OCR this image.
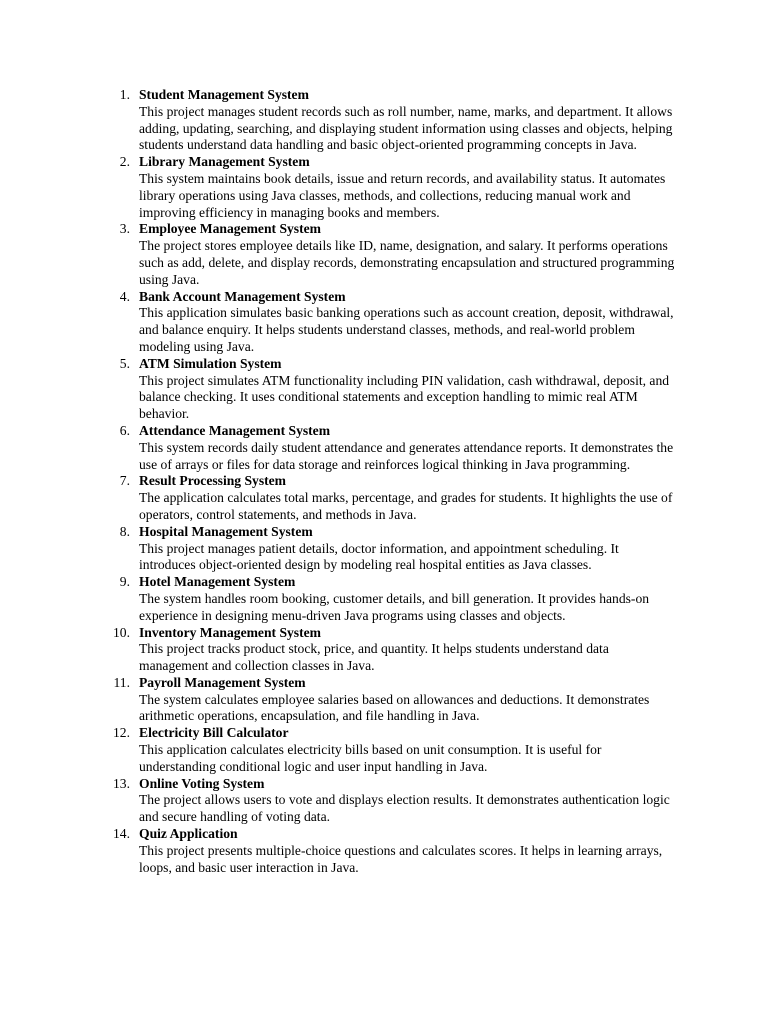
1. Student Management System
This project manages student records such as roll number, name, marks, and department. It allows adding, updating, searching, and displaying student information using classes and objects, helping students understand data handling and basic object-oriented programming concepts in Java.
2. Library Management System
This system maintains book details, issue and return records, and availability status. It automates library operations using Java classes, methods, and collections, reducing manual work and improving efficiency in managing books and members.
3. Employee Management System
The project stores employee details like ID, name, designation, and salary. It performs operations such as add, delete, and display records, demonstrating encapsulation and structured programming using Java.
4. Bank Account Management System
This application simulates basic banking operations such as account creation, deposit, withdrawal, and balance enquiry. It helps students understand classes, methods, and real-world problem modeling using Java.
5. ATM Simulation System
This project simulates ATM functionality including PIN validation, cash withdrawal, deposit, and balance checking. It uses conditional statements and exception handling to mimic real ATM behavior.
6. Attendance Management System
This system records daily student attendance and generates attendance reports. It demonstrates the use of arrays or files for data storage and reinforces logical thinking in Java programming.
7. Result Processing System
The application calculates total marks, percentage, and grades for students. It highlights the use of operators, control statements, and methods in Java.
8. Hospital Management System
This project manages patient details, doctor information, and appointment scheduling. It introduces object-oriented design by modeling real hospital entities as Java classes.
9. Hotel Management System
The system handles room booking, customer details, and bill generation. It provides hands-on experience in designing menu-driven Java programs using classes and objects.
10. Inventory Management System
This project tracks product stock, price, and quantity. It helps students understand data management and collection classes in Java.
11. Payroll Management System
The system calculates employee salaries based on allowances and deductions. It demonstrates arithmetic operations, encapsulation, and file handling in Java.
12. Electricity Bill Calculator
This application calculates electricity bills based on unit consumption. It is useful for understanding conditional logic and user input handling in Java.
13. Online Voting System
The project allows users to vote and displays election results. It demonstrates authentication logic and secure handling of voting data.
14. Quiz Application
This project presents multiple-choice questions and calculates scores. It helps in learning arrays, loops, and basic user interaction in Java.
